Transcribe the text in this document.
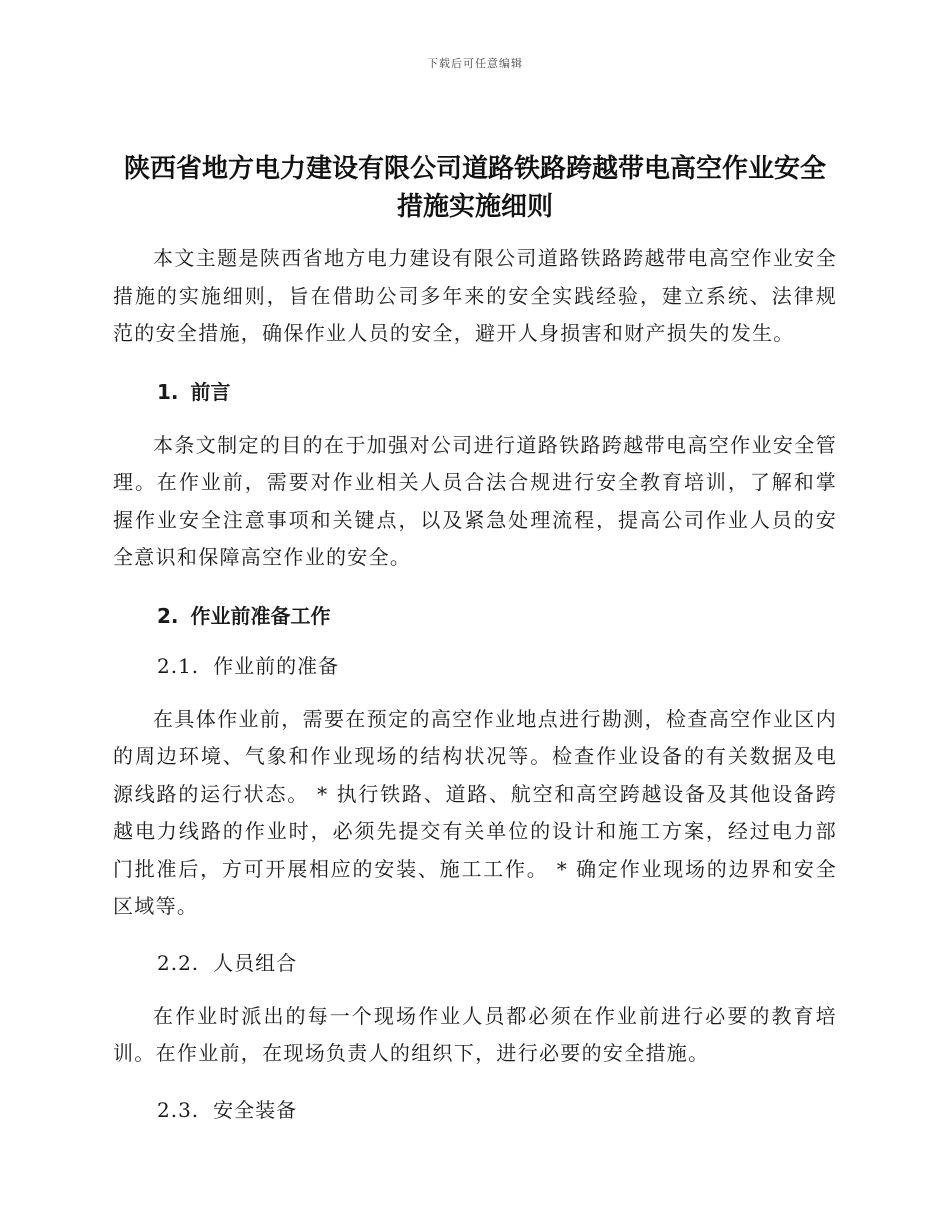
下载后可任意编辑
陕西省地方电力建设有限公司道路铁路跨越带电高空作业安全措施实施细则

本文主题是陕西省地方电力建设有限公司道路铁路跨越带电高空作业安全措施的实施细则，旨在借助公司多年来的安全实践经验，建立系统、法律规范的安全措施，确保作业人员的安全，避开人身损害和财产损失的发生。

1. 前言

本条文制定的目的在于加强对公司进行道路铁路跨越带电高空作业安全管理。在作业前，需要对作业相关人员合法合规进行安全教育培训，了解和掌握作业安全注意事项和关键点，以及紧急处理流程，提高公司作业人员的安全意识和保障高空作业的安全。

2. 作业前准备工作
2.1. 作业前的准备

在具体作业前，需要在预定的高空作业地点进行勘测，检查高空作业区内的周边环境、气象和作业现场的结构状况等。检查作业设备的有关数据及电源线路的运行状态。 * 执行铁路、道路、航空和高空跨越设备及其他设备跨越电力线路的作业时，必须先提交有关单位的设计和施工方案，经过电力部门批准后，方可开展相应的安装、施工工作。 * 确定作业现场的边界和安全区域等。

2.2. 人员组合

在作业时派出的每一个现场作业人员都必须在作业前进行必要的教育培训。在作业前，在现场负责人的组织下，进行必要的安全措施。

2.3. 安全装备
